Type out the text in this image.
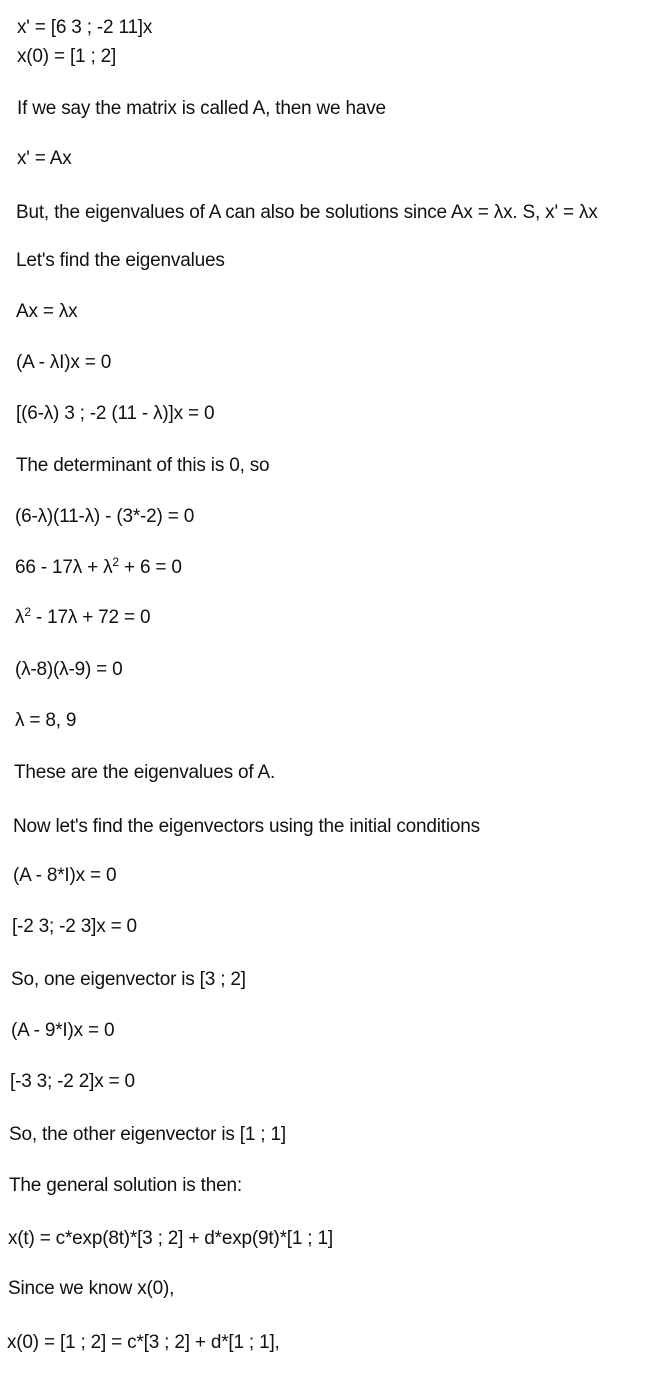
x' = [6 3 ; -2 11]x
x(0) = [1 ; 2]
If we say the matrix is called A, then we have
x' = Ax
But, the eigenvalues of A can also be solutions since Ax = λx. S, x' = λx
Let's find the eigenvalues
Ax = λx
(A - λI)x = 0
[(6-λ) 3 ; -2 (11 - λ)]x = 0
The determinant of this is 0, so
(6-λ)(11-λ) - (3*-2) = 0
$66 - 17\lambda + \lambda^2 + 6 = 0$
$\lambda^2 - 17\lambda + 72 = 0$
(λ-8)(λ-9) = 0
λ = 8, 9
These are the eigenvalues of A.
Now let's find the eigenvectors using the initial conditions
(A - 8*I)x = 0
[-2 3; -2 3]x = 0
So, one eigenvector is [3 ; 2]
(A - 9*I)x = 0
[-3 3; -2 2]x = 0
So, the other eigenvector is [1 ; 1]
The general solution is then:
x(t) = c*exp(8t)*[3 ; 2] + d*exp(9t)*[1 ; 1]
Since we know x(0),
x(0) = [1 ; 2] = c*[3 ; 2] + d*[1 ; 1],
